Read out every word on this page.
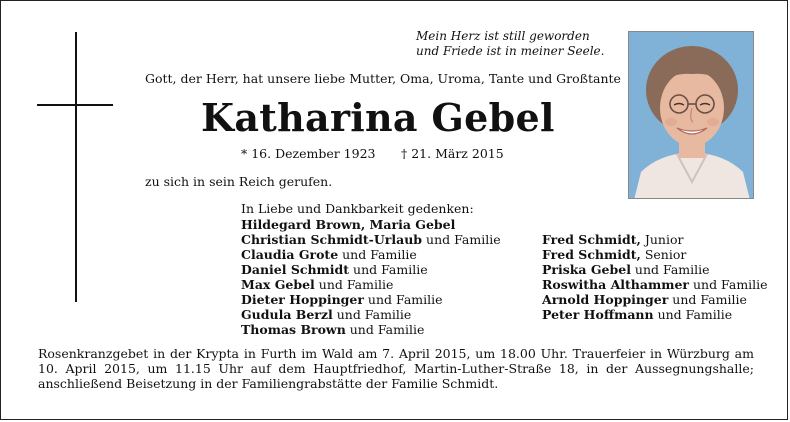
Mein Herz ist still geworden
und Friede ist in meiner Seele.
Gott, der Herr, hat unsere liebe Mutter, Oma, Uroma, Tante und Großtante
Katharina Gebel
* 16. Dezember 1923 † 21. März 2015
zu sich in sein Reich gerufen.
In Liebe und Dankbarkeit gedenken:
Hildegard Brown, Maria Gebel
Christian Schmidt-Urlaub und Familie
Claudia Grote und Familie
Daniel Schmidt und Familie
Max Gebel und Familie
Dieter Hoppinger und Familie
Gudula Berzl und Familie
Thomas Brown und Familie
Fred Schmidt, Junior
Fred Schmidt, Senior
Priska Gebel und Familie
Roswitha Althammer und Familie
Arnold Hoppinger und Familie
Peter Hoffmann und Familie
Rosenkranzgebet in der Krypta in Furth im Wald am 7. April 2015, um 18.00 Uhr. Trauerfeier in Würzburg am 10. April 2015, um 11.15 Uhr auf dem Hauptfriedhof, Martin-Luther-Straße 18, in der Aussegnungshalle; anschließend Beisetzung in der Familiengrabstätte der Familie Schmidt.
